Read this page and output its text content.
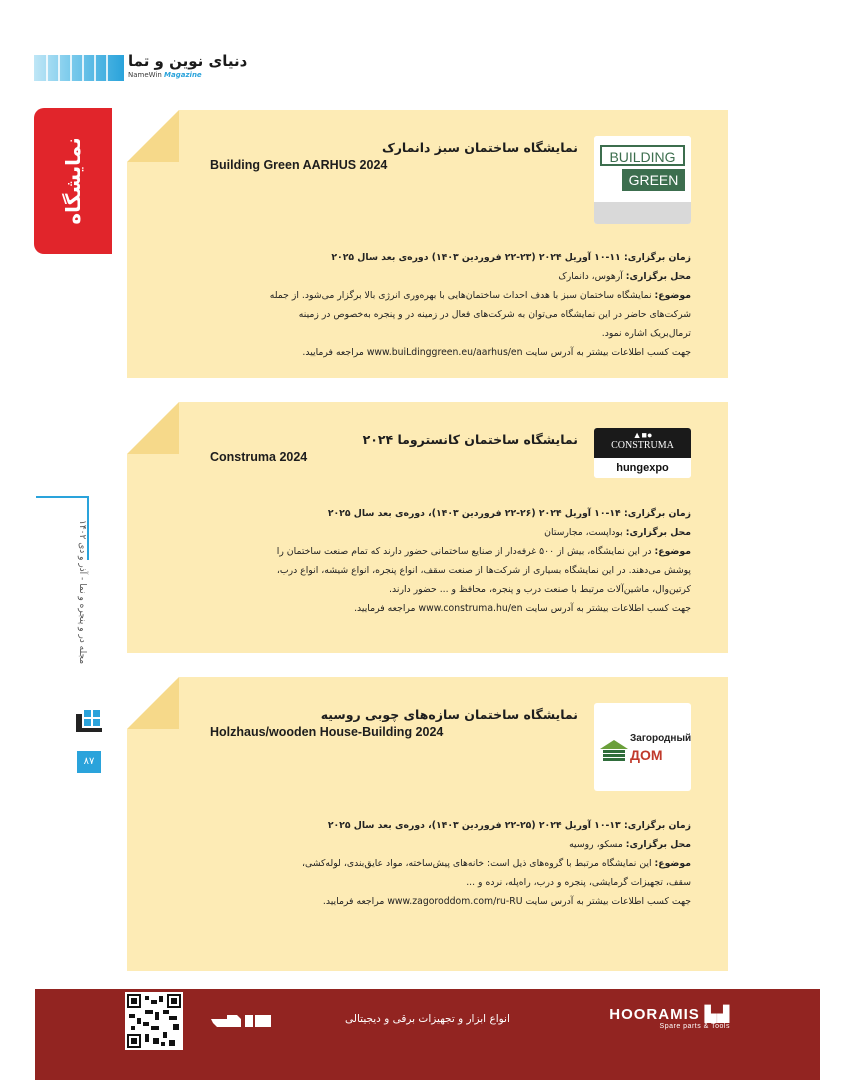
دنیای نوین و تما
NameWin Magazine
نمایشگاه
مجله در و پنجره و نما - آذر و دی ۱۴۰۲
۸۷
BUILDING
GREEN
نمایشگاه ساختمان سبز دانمارک
Building Green AARHUS 2024
زمان برگزاری: ۱۱-۱۰ آوریل ۲۰۲۴ (۲۳-۲۲ فروردین ۱۴۰۳) دوره‌ی بعد سال ۲۰۲۵
محل برگزاری: آرهوس، دانمارک
موضوع: نمایشگاه ساختمان سبز با هدف احداث ساختمان‌هایی با بهره‌وری انرژی بالا برگزار می‌شود. از جمله
شرکت‌های حاضر در این نمایشگاه می‌توان به شرکت‌های فعال در زمینه در و پنجره به‌خصوص در زمینه
ترمال‌بریک اشاره نمود.
جهت کسب اطلاعات بیشتر به آدرس سایت www.buiLdinggreen.eu/aarhus/en مراجعه فرمایید.
▲■●
CONSTRUMA
hungexpo
نمایشگاه ساختمان کانستروما ۲۰۲۴
Construma 2024
زمان برگزاری: ۱۴-۱۰ آوریل ۲۰۲۴ (۲۶-۲۲ فروردین ۱۴۰۳)، دوره‌ی بعد سال ۲۰۲۵
محل برگزاری: بوداپست، مجارستان
موضوع: در این نمایشگاه، بیش از ۵۰۰ غرفه‌دار از صنایع ساختمانی حضور دارند که تمام صنعت ساختمان را
پوشش می‌دهند. در این نمایشگاه بسیاری از شرکت‌ها از صنعت سقف، انواع پنجره، انواع شیشه، انواع درب،
کرتین‌وال، ماشین‌آلات مرتبط با صنعت درب و پنجره، محافظ و ... حضور دارند.
جهت کسب اطلاعات بیشتر به آدرس سایت www.construma.hu/en مراجعه فرمایید.
Загородный
ДОМ
نمایشگاه ساختمان سازه‌های چوبی روسیه
Holzhaus/wooden House-Building 2024
زمان برگزاری: ۱۳-۱۰ آوریل ۲۰۲۴ (۲۵-۲۲ فروردین ۱۴۰۳)، دوره‌ی بعد سال ۲۰۲۵
محل برگزاری: مسکو، روسیه
موضوع: این نمایشگاه مرتبط با گروه‌های ذیل است: خانه‌های پیش‌ساخته، مواد عایق‌بندی، لوله‌کشی،
سقف، تجهیزات گرمایشی، پنجره و درب، راه‌پله، نرده و ...
جهت کسب اطلاعات بیشتر به آدرس سایت www.zagoroddom.com/ru-RU مراجعه فرمایید.
انواع ابزار و تجهیزات برقی و دیجیتالی	HOORAMIS ▙▟
Spare parts & Tools
